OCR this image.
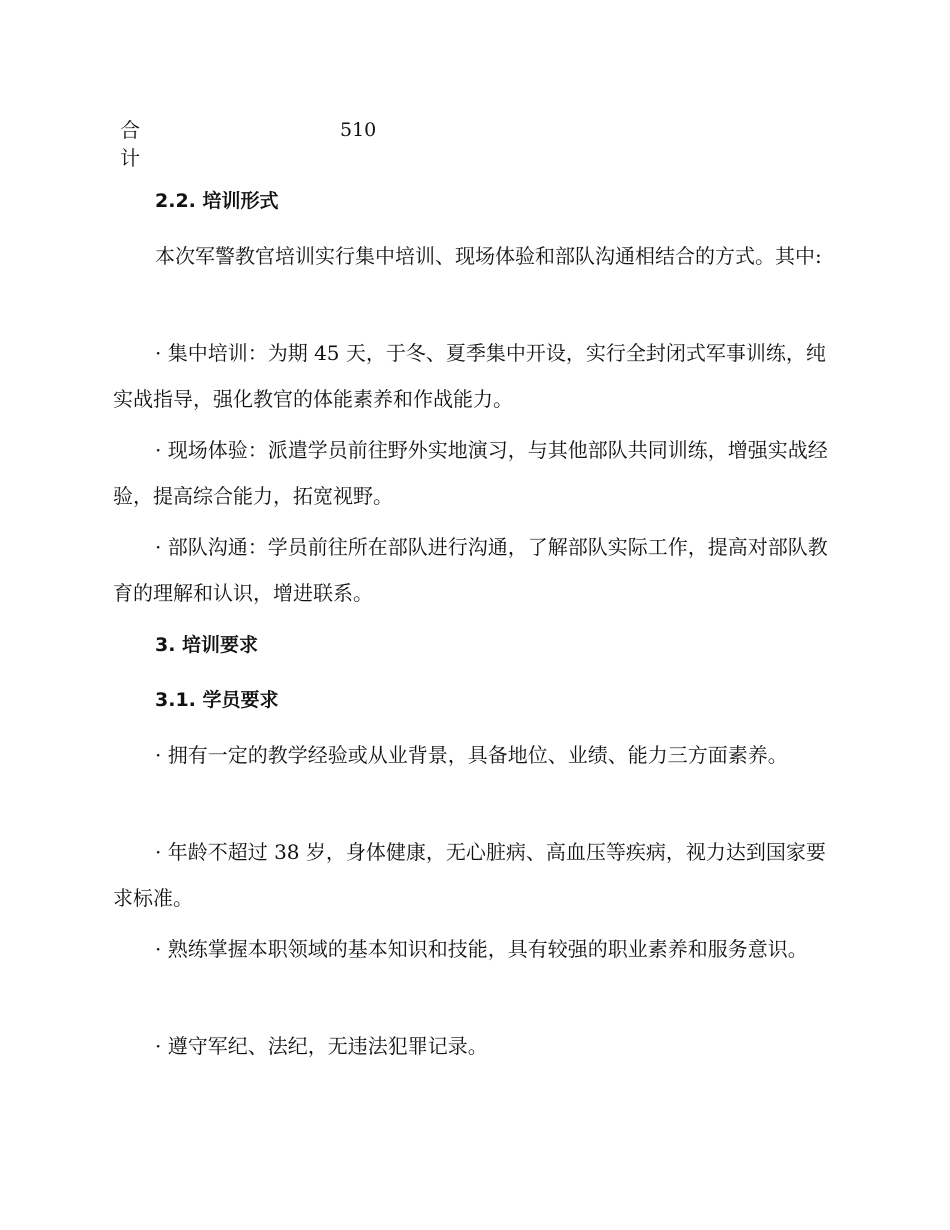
合计
510

2.2. 培训形式

本次军警教官培训实行集中培训、现场体验和部队沟通相结合的方式。其中:

· 集中培训：为期 45 天，于冬、夏季集中开设，实行全封闭式军事训练，纯实战指导，强化教官的体能素养和作战能力。

· 现场体验：派遣学员前往野外实地演习，与其他部队共同训练，增强实战经验，提高综合能力，拓宽视野。

· 部队沟通：学员前往所在部队进行沟通，了解部队实际工作，提高对部队教育的理解和认识，增进联系。

3. 培训要求

3.1. 学员要求

· 拥有一定的教学经验或从业背景，具备地位、业绩、能力三方面素养。

· 年龄不超过 38 岁，身体健康，无心脏病、高血压等疾病，视力达到国家要求标准。

· 熟练掌握本职领域的基本知识和技能，具有较强的职业素养和服务意识。

· 遵守军纪、法纪，无违法犯罪记录。
